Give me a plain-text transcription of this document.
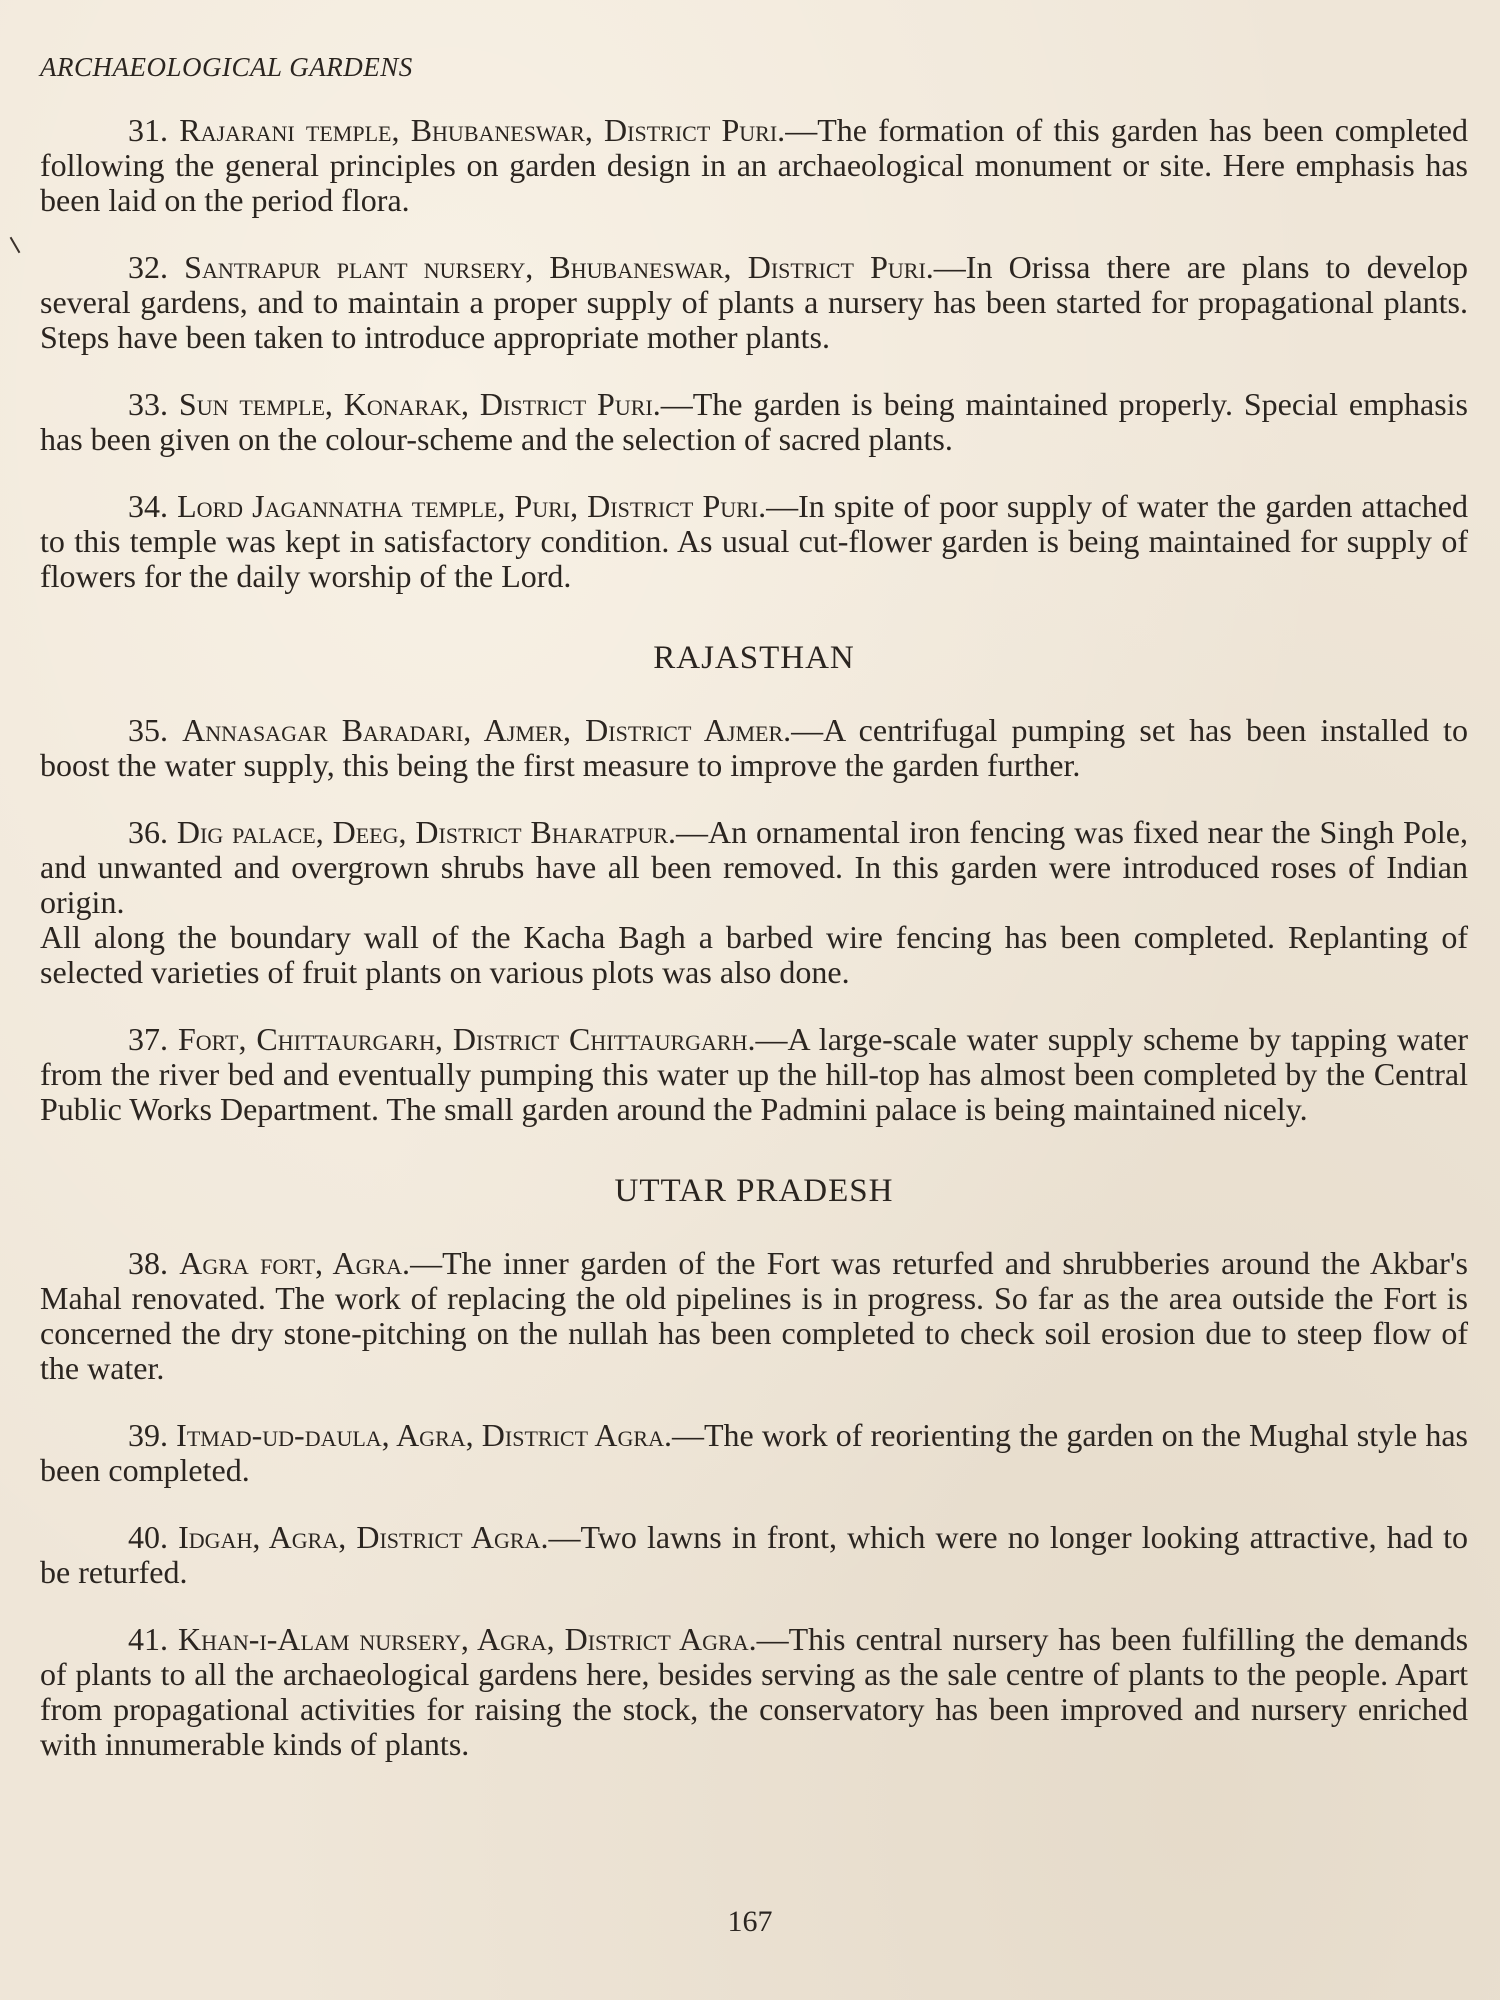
ARCHAEOLOGICAL GARDENS
31. Rajarani temple, Bhubaneswar, District Puri.—The formation of this garden has been completed following the general principles on garden design in an archaeological monument or site. Here emphasis has been laid on the period flora.
32. Santrapur plant nursery, Bhubaneswar, District Puri.—In Orissa there are plans to develop several gardens, and to maintain a proper supply of plants a nursery has been started for propagational plants. Steps have been taken to introduce appropriate mother plants.
33. Sun temple, Konarak, District Puri.—The garden is being maintained properly. Special emphasis has been given on the colour-scheme and the selection of sacred plants.
34. Lord Jagannatha temple, Puri, District Puri.—In spite of poor supply of water the garden attached to this temple was kept in satisfactory condition. As usual cut-flower garden is being maintained for supply of flowers for the daily worship of the Lord.
RAJASTHAN
35. Annasagar Baradari, Ajmer, District Ajmer.—A centrifugal pumping set has been installed to boost the water supply, this being the first measure to improve the garden further.
36. Dig palace, Deeg, District Bharatpur.—An ornamental iron fencing was fixed near the Singh Pole, and unwanted and overgrown shrubs have all been removed. In this garden were introduced roses of Indian origin.
All along the boundary wall of the Kacha Bagh a barbed wire fencing has been completed. Replanting of selected varieties of fruit plants on various plots was also done.
37. Fort, Chittaurgarh, District Chittaurgarh.—A large-scale water supply scheme by tapping water from the river bed and eventually pumping this water up the hill-top has almost been completed by the Central Public Works Department. The small garden around the Padmini palace is being maintained nicely.
UTTAR PRADESH
38. Agra fort, Agra.—The inner garden of the Fort was returfed and shrubberies around the Akbar's Mahal renovated. The work of replacing the old pipelines is in progress. So far as the area outside the Fort is concerned the dry stone-pitching on the nullah has been completed to check soil erosion due to steep flow of the water.
39. Itmad-ud-daula, Agra, District Agra.—The work of reorienting the garden on the Mughal style has been completed.
40. Idgah, Agra, District Agra.—Two lawns in front, which were no longer looking attractive, had to be returfed.
41. Khan-i-Alam nursery, Agra, District Agra.—This central nursery has been fulfilling the demands of plants to all the archaeological gardens here, besides serving as the sale centre of plants to the people. Apart from propagational activities for raising the stock, the conservatory has been improved and nursery enriched with innumerable kinds of plants.
167
